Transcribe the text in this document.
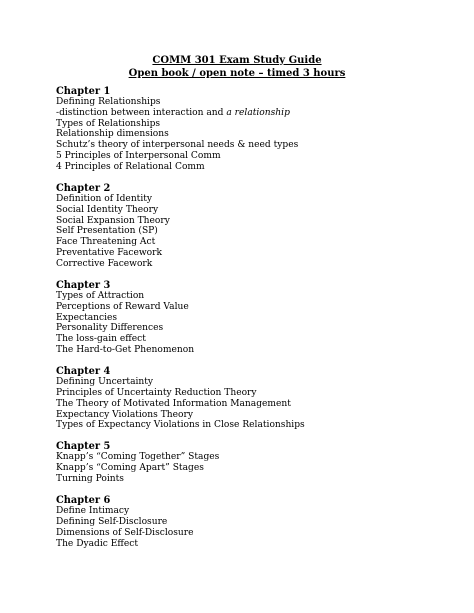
COMM 301 Exam Study Guide
Open book / open note – timed 3 hours
Chapter 1
Defining Relationships
-distinction between interaction and a relationship
Types of Relationships
Relationship dimensions
Schutz’s theory of interpersonal needs & need types
5 Principles of Interpersonal Comm
4 Principles of Relational Comm
Chapter 2
Definition of Identity
Social Identity Theory
Social Expansion Theory
Self Presentation (SP)
Face Threatening Act
Preventative Facework
Corrective Facework
Chapter 3
Types of Attraction
Perceptions of Reward Value
Expectancies
Personality Differences
The loss-gain effect
The Hard-to-Get Phenomenon
Chapter 4
Defining Uncertainty
Principles of Uncertainty Reduction Theory
The Theory of Motivated Information Management
Expectancy Violations Theory
Types of Expectancy Violations in Close Relationships
Chapter 5
Knapp’s “Coming Together” Stages
Knapp’s “Coming Apart” Stages
Turning Points
Chapter 6
Define Intimacy
Defining Self-Disclosure
Dimensions of Self-Disclosure
The Dyadic Effect
